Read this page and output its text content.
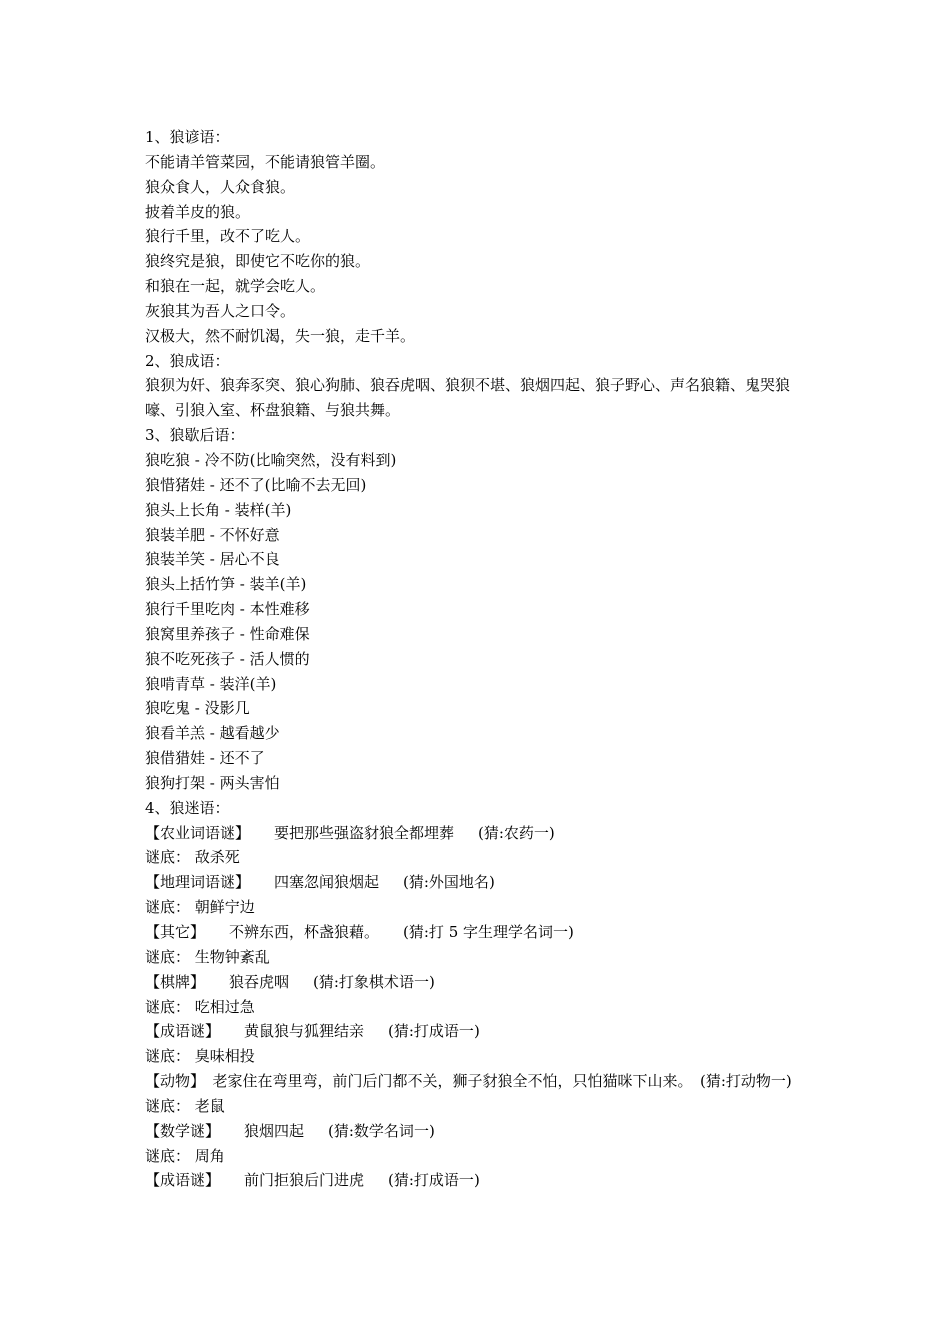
1、狼谚语：
不能请羊管菜园，不能请狼管羊圈。
狼众食人，人众食狼。
披着羊皮的狼。
狼行千里，改不了吃人。
狼终究是狼，即使它不吃你的狼。
和狼在一起，就学会吃人。
灰狼其为吾人之口令。
汉极大，然不耐饥渴，失一狼，走千羊。
2、狼成语：
狼狈为奸、狼奔豕突、狼心狗肺、狼吞虎咽、狼狈不堪、狼烟四起、狼子野心、声名狼籍、鬼哭狼嚎、引狼入室、杯盘狼籍、与狼共舞。
3、狼歇后语：
狼吃狼 - 冷不防(比喻突然，没有料到)
狼惜猪娃 - 还不了(比喻不去无回)
狼头上长角 - 装样(羊)
狼装羊肥 - 不怀好意
狼装羊笑 - 居心不良
狼头上括竹笋 - 装羊(羊)
狼行千里吃肉 - 本性难移
狼窝里养孩子 - 性命难保
狼不吃死孩子 - 活人惯的
狼啃青草 - 装洋(羊)
狼吃鬼 - 没影几
狼看羊羔 - 越看越少
狼借猎娃 - 还不了
狼狗打架 - 两头害怕
4、狼迷语：
【农业词语谜】 要把那些强盗豺狼全都埋葬 (猜:农药一)
谜底： 敌杀死
【地理词语谜】 四塞忽闻狼烟起 (猜:外国地名)
谜底： 朝鲜宁边
【其它】 不辨东西，杯盏狼藉。 (猜:打 5 字生理学名词一)
谜底： 生物钟紊乱
【棋牌】 狼吞虎咽 (猜:打象棋术语一)
谜底： 吃相过急
【成语谜】 黄鼠狼与狐狸结亲 (猜:打成语一)
谜底： 臭味相投
【动物】　老家住在弯里弯，前门后门都不关，狮子豺狼全不怕，只怕猫咪下山来。　(猜:打动物一)
谜底： 老鼠
【数学谜】 狼烟四起 (猜:数学名词一)
谜底： 周角
【成语谜】 前门拒狼后门进虎 (猜:打成语一)
